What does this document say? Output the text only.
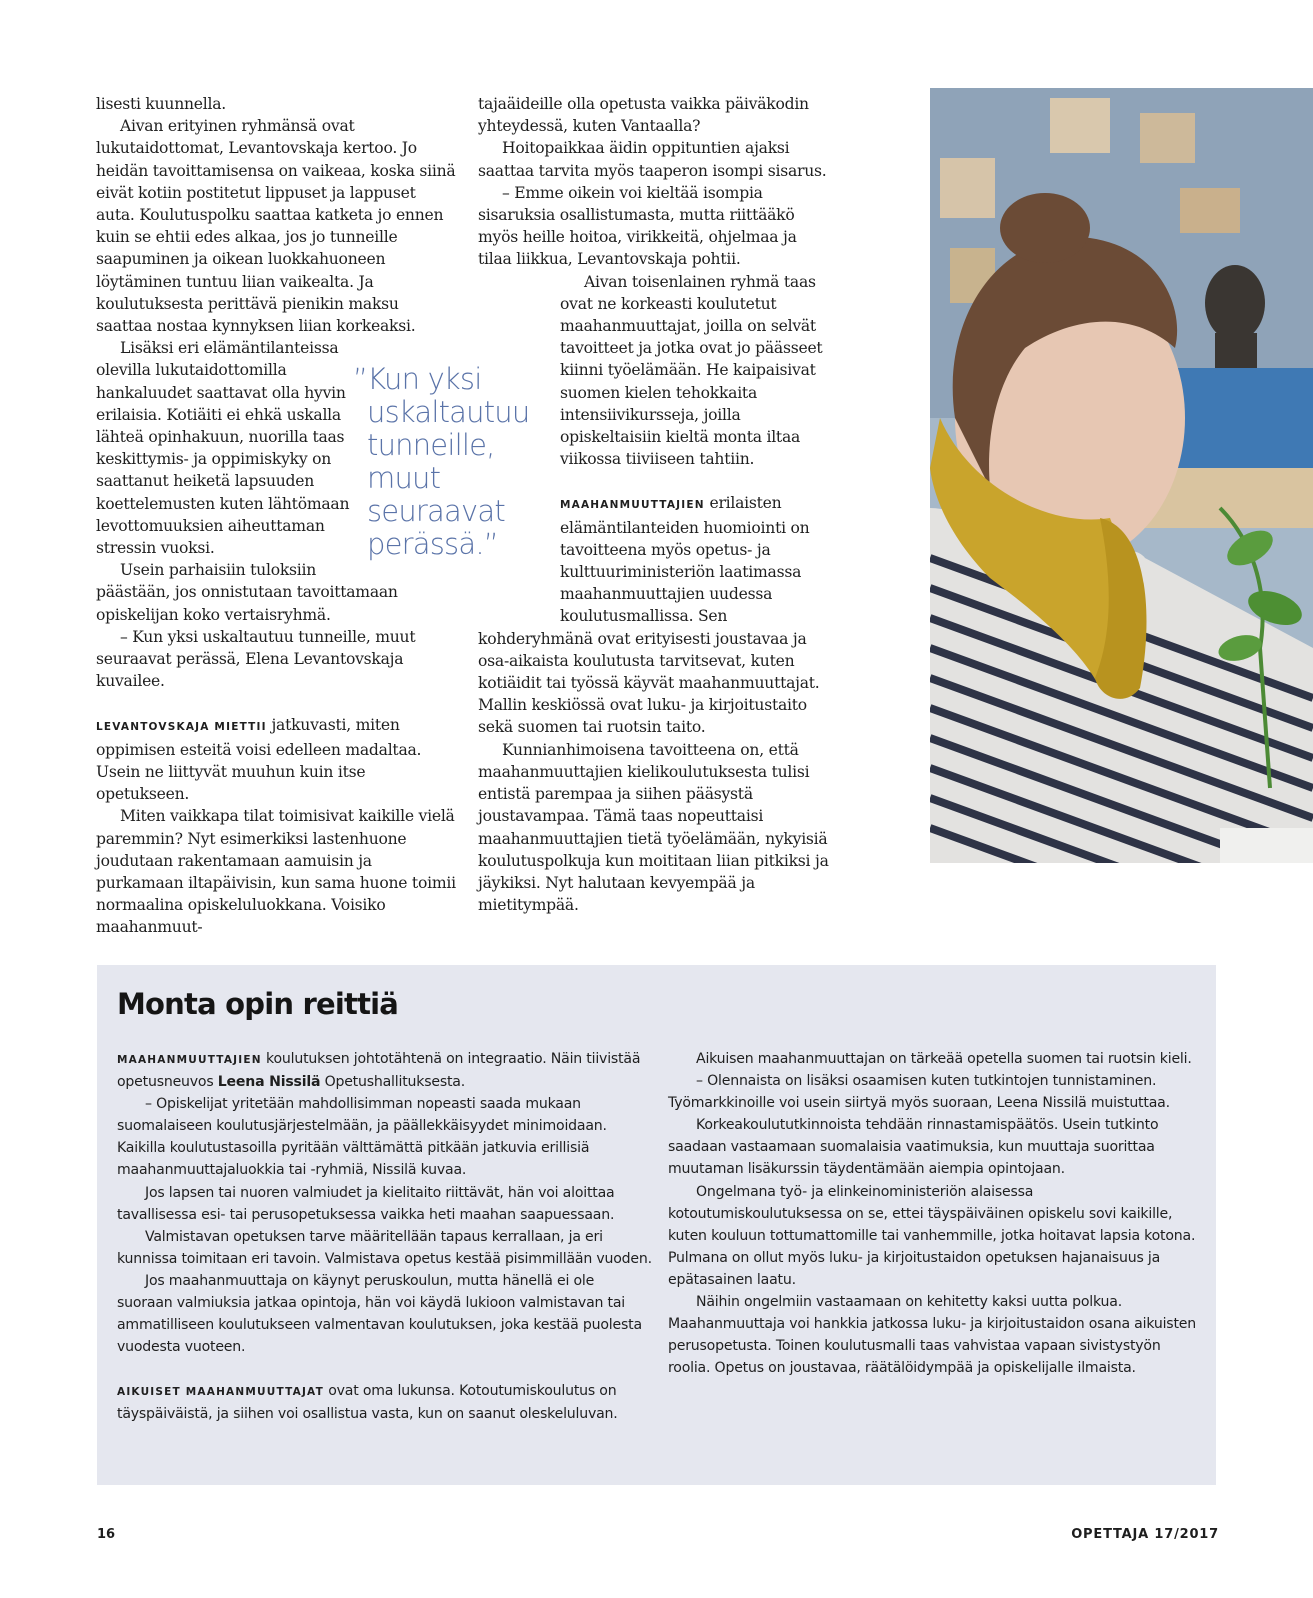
lisesti kuunnella.

Aivan erityinen ryhmänsä ovat lukutaidottomat, Levantovskaja kertoo. Jo heidän tavoittamisensa on vaikeaa, koska siinä eivät kotiin postitetut lippuset ja lappuset auta. Koulutuspolku saattaa katketa jo ennen kuin se ehtii edes alkaa, jos jo tunneille saapuminen ja oikean luokkahuoneen löytäminen tuntuu liian vaikealta. Ja koulutuksesta perittävä pienikin maksu saattaa nostaa kynnyksen liian korkeaksi.

Lisäksi eri elämäntilanteissa olevilla lukutaidottomilla hankaluudet saattavat olla hyvin erilaisia. Kotiäiti ei ehkä uskalla lähteä opinhakuun, nuorilla taas keskittymis- ja oppimiskyky on saattanut heiketä lapsuuden koettelemusten kuten lähtömaan levottomuuksien aiheuttaman stressin vuoksi.

Usein parhaisiin tuloksiin päästään, jos onnistutaan tavoittamaan opiskelijan koko vertaisryhmä.

– Kun yksi uskaltautuu tunneille, muut seuraavat perässä, Elena Levantovskaja kuvailee.

LEVANTOVSKAJA MIETTII jatkuvasti, miten oppimisen esteitä voisi edelleen madaltaa. Usein ne liittyvät muuhun kuin itse opetukseen.

Miten vaikkapa tilat toimisivat kaikille vielä paremmin? Nyt esimerkiksi lastenhuone joudutaan rakentamaan aamuisin ja purkamaan iltapäivisin, kun sama huone toimii normaalina opiskeluluokkana. Voisiko maahanmuut-

”Kun yksi
uskaltautuu
tunneille,
muut
seuraavat
perässä.”

tajaäideille olla opetusta vaikka päiväkodin yhteydessä, kuten Vantaalla?

Hoitopaikkaa äidin oppituntien ajaksi saattaa tarvita myös taaperon isompi sisarus.

– Emme oikein voi kieltää isompia sisaruksia osallistumasta, mutta riittääkö myös heille hoitoa, virikkeitä, ohjelmaa ja tilaa liikkua, Levantovskaja pohtii.

Aivan toisenlainen ryhmä taas ovat ne korkeasti koulutetut maahanmuuttajat, joilla on selvät tavoitteet ja jotka ovat jo päässeet kiinni työelämään. He kaipaisivat suomen kielen tehokkaita intensiivikursseja, joilla opiskeltaisiin kieltä monta iltaa viikossa tiiviiseen tahtiin.

MAAHANMUUTTAJIEN erilaisten elämäntilanteiden huomiointi on tavoitteena myös opetus- ja kulttuuriministeriön laatimassa maahanmuuttajien uudessa koulutusmallissa. Sen kohderyhmänä ovat erityisesti joustavaa ja osa-aikaista koulutusta tarvitsevat, kuten kotiäidit tai työssä käyvät maahanmuuttajat. Mallin keskiössä ovat luku- ja kirjoitustaito sekä suomen tai ruotsin taito.

Kunnianhimoisena tavoitteena on, että maahanmuuttajien kielikoulutuksesta tulisi entistä parempaa ja siihen pääsystä joustavampaa. Tämä taas nopeuttaisi maahanmuuttajien tietä työelämään, nykyisiä koulutuspolkuja kun moititaan liian pitkiksi ja jäykiksi. Nyt halutaan kevyempää ja mietitympää.

Monta opin reittiä

MAAHANMUUTTAJIEN koulutuksen johtotähtenä on integraatio. Näin tiivistää opetusneuvos Leena Nissilä Opetushallituksesta.

– Opiskelijat yritetään mahdollisimman nopeasti saada mukaan suomalaiseen koulutusjärjestelmään, ja päällekkäisyydet minimoidaan. Kaikilla koulutustasoilla pyritään välttämättä pitkään jatkuvia erillisiä maahanmuuttajaluokkia tai -ryhmiä, Nissilä kuvaa.

Jos lapsen tai nuoren valmiudet ja kielitaito riittävät, hän voi aloittaa tavallisessa esi- tai perusopetuksessa vaikka heti maahan saapuessaan.

Valmistavan opetuksen tarve määritellään tapaus kerrallaan, ja eri kunnissa toimitaan eri tavoin. Valmistava opetus kestää pisimmillään vuoden.

Jos maahanmuuttaja on käynyt peruskoulun, mutta hänellä ei ole suoraan valmiuksia jatkaa opintoja, hän voi käydä lukioon valmistavan tai ammatilliseen koulutukseen valmentavan koulutuksen, joka kestää puolesta vuodesta vuoteen.

AIKUISET MAAHANMUUTTAJAT ovat oma lukunsa. Kotoutumiskoulutus on täyspäiväistä, ja siihen voi osallistua vasta, kun on saanut oleskeluluvan.

Aikuisen maahanmuuttajan on tärkeää opetella suomen tai ruotsin kieli.

– Olennaista on lisäksi osaamisen kuten tutkintojen tunnistaminen. Työmarkkinoille voi usein siirtyä myös suoraan, Leena Nissilä muistuttaa.

Korkeakoulututkinnoista tehdään rinnastamispäätös. Usein tutkinto saadaan vastaamaan suomalaisia vaatimuksia, kun muuttaja suorittaa muutaman lisäkurssin täydentämään aiempia opintojaan.

Ongelmana työ- ja elinkeinoministeriön alaisessa kotoutumiskoulutuksessa on se, ettei täyspäiväinen opiskelu sovi kaikille, kuten kouluun tottumattomille tai vanhemmille, jotka hoitavat lapsia kotona. Pulmana on ollut myös luku- ja kirjoitustaidon opetuksen hajanaisuus ja epätasainen laatu.

Näihin ongelmiin vastaamaan on kehitetty kaksi uutta polkua. Maahanmuuttaja voi hankkia jatkossa luku- ja kirjoitustaidon osana aikuisten perusopetusta. Toinen koulutusmalli taas vahvistaa vapaan sivistystyön roolia. Opetus on joustavaa, räätälöidympää ja opiskelijalle ilmaista.

16	OPETTAJA 17/2017
